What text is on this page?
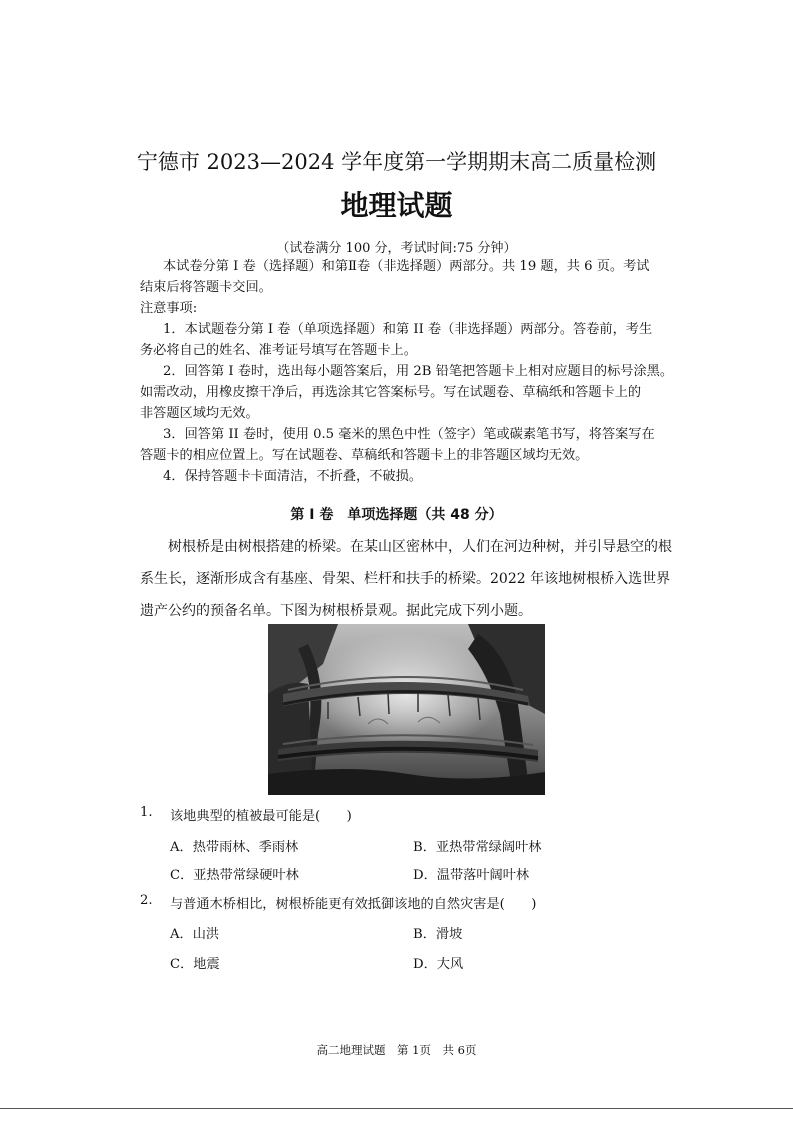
宁德市 2023—2024 学年度第一学期期末高二质量检测
地理试题
（试卷满分 100 分，考试时间:75 分钟）
本试卷分第 I 卷（选择题）和第Ⅱ卷（非选择题）两部分。共 19 题，共 6 页。考试
结束后将答题卡交回。
注意事项:
1．本试题卷分第 I 卷（单项选择题）和第 II 卷（非选择题）两部分。答卷前，考生
务必将自己的姓名、准考证号填写在答题卡上。
2．回答第 I 卷时，选出每小题答案后，用 2B 铅笔把答题卡上相对应题目的标号涂黑。
如需改动，用橡皮擦干净后，再选涂其它答案标号。写在试题卷、草稿纸和答题卡上的
非答题区域均无效。
3．回答第 II 卷时，使用 0.5 毫米的黑色中性（签字）笔或碳素笔书写，将答案写在
答题卡的相应位置上。写在试题卷、草稿纸和答题卡上的非答题区域均无效。
4．保持答题卡卡面清洁，不折叠，不破损。
第 I 卷　单项选择题（共 48 分）
树根桥是由树根搭建的桥梁。在某山区密林中，人们在河边种树，并引导悬空的根
系生长，逐渐形成含有基座、骨架、栏杆和扶手的桥梁。2022 年该地树根桥入选世界
遗产公约的预备名单。下图为树根桥景观。据此完成下列小题。
1. 该地典型的植被最可能是(　　)
A．热带雨林、季雨林	B．亚热带常绿阔叶林
C．亚热带常绿硬叶林	D．温带落叶阔叶林
2. 与普通木桥相比，树根桥能更有效抵御该地的自然灾害是(　　)
A．山洪	B．滑坡
C．地震	D．大风
高二地理试题　第 1页　共 6页
